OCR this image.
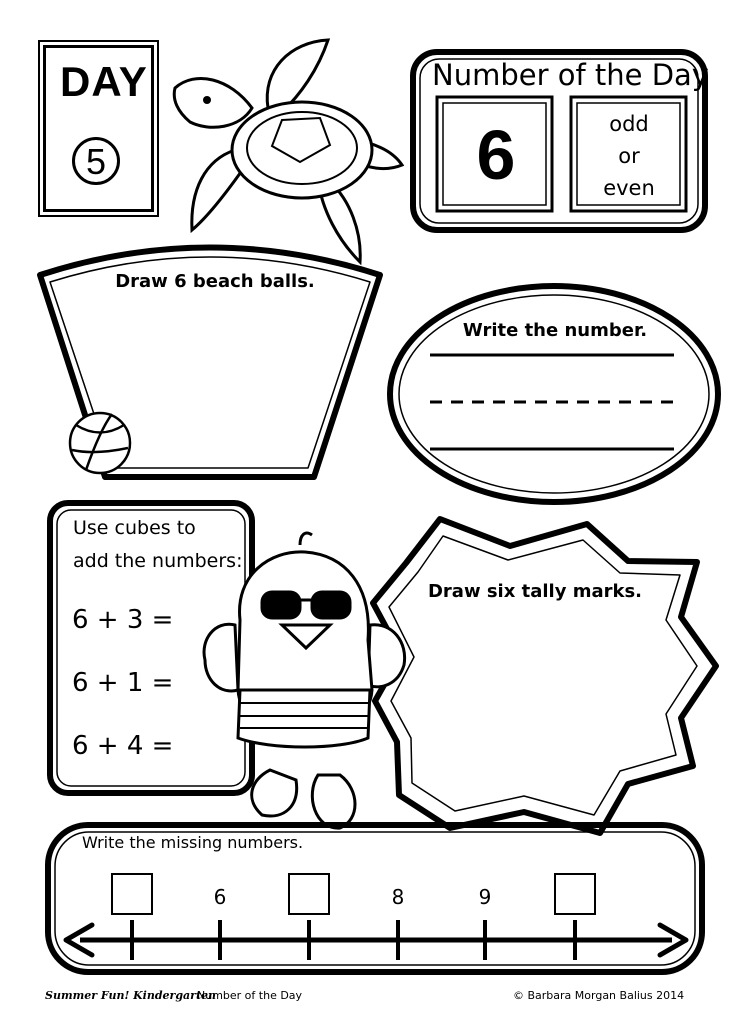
DAY
5
Number of the Day
6	odd
or
even
Draw 6 beach balls.
Write the number.
Draw six tally marks.
Use cubes to
add the numbers:
6 + 3 =
6 + 1 =
6 + 4 =
Write the missing numbers.
6	8	9
Summer Fun! Kindergarten
Number of the Day	© Barbara Morgan Balius 2014
